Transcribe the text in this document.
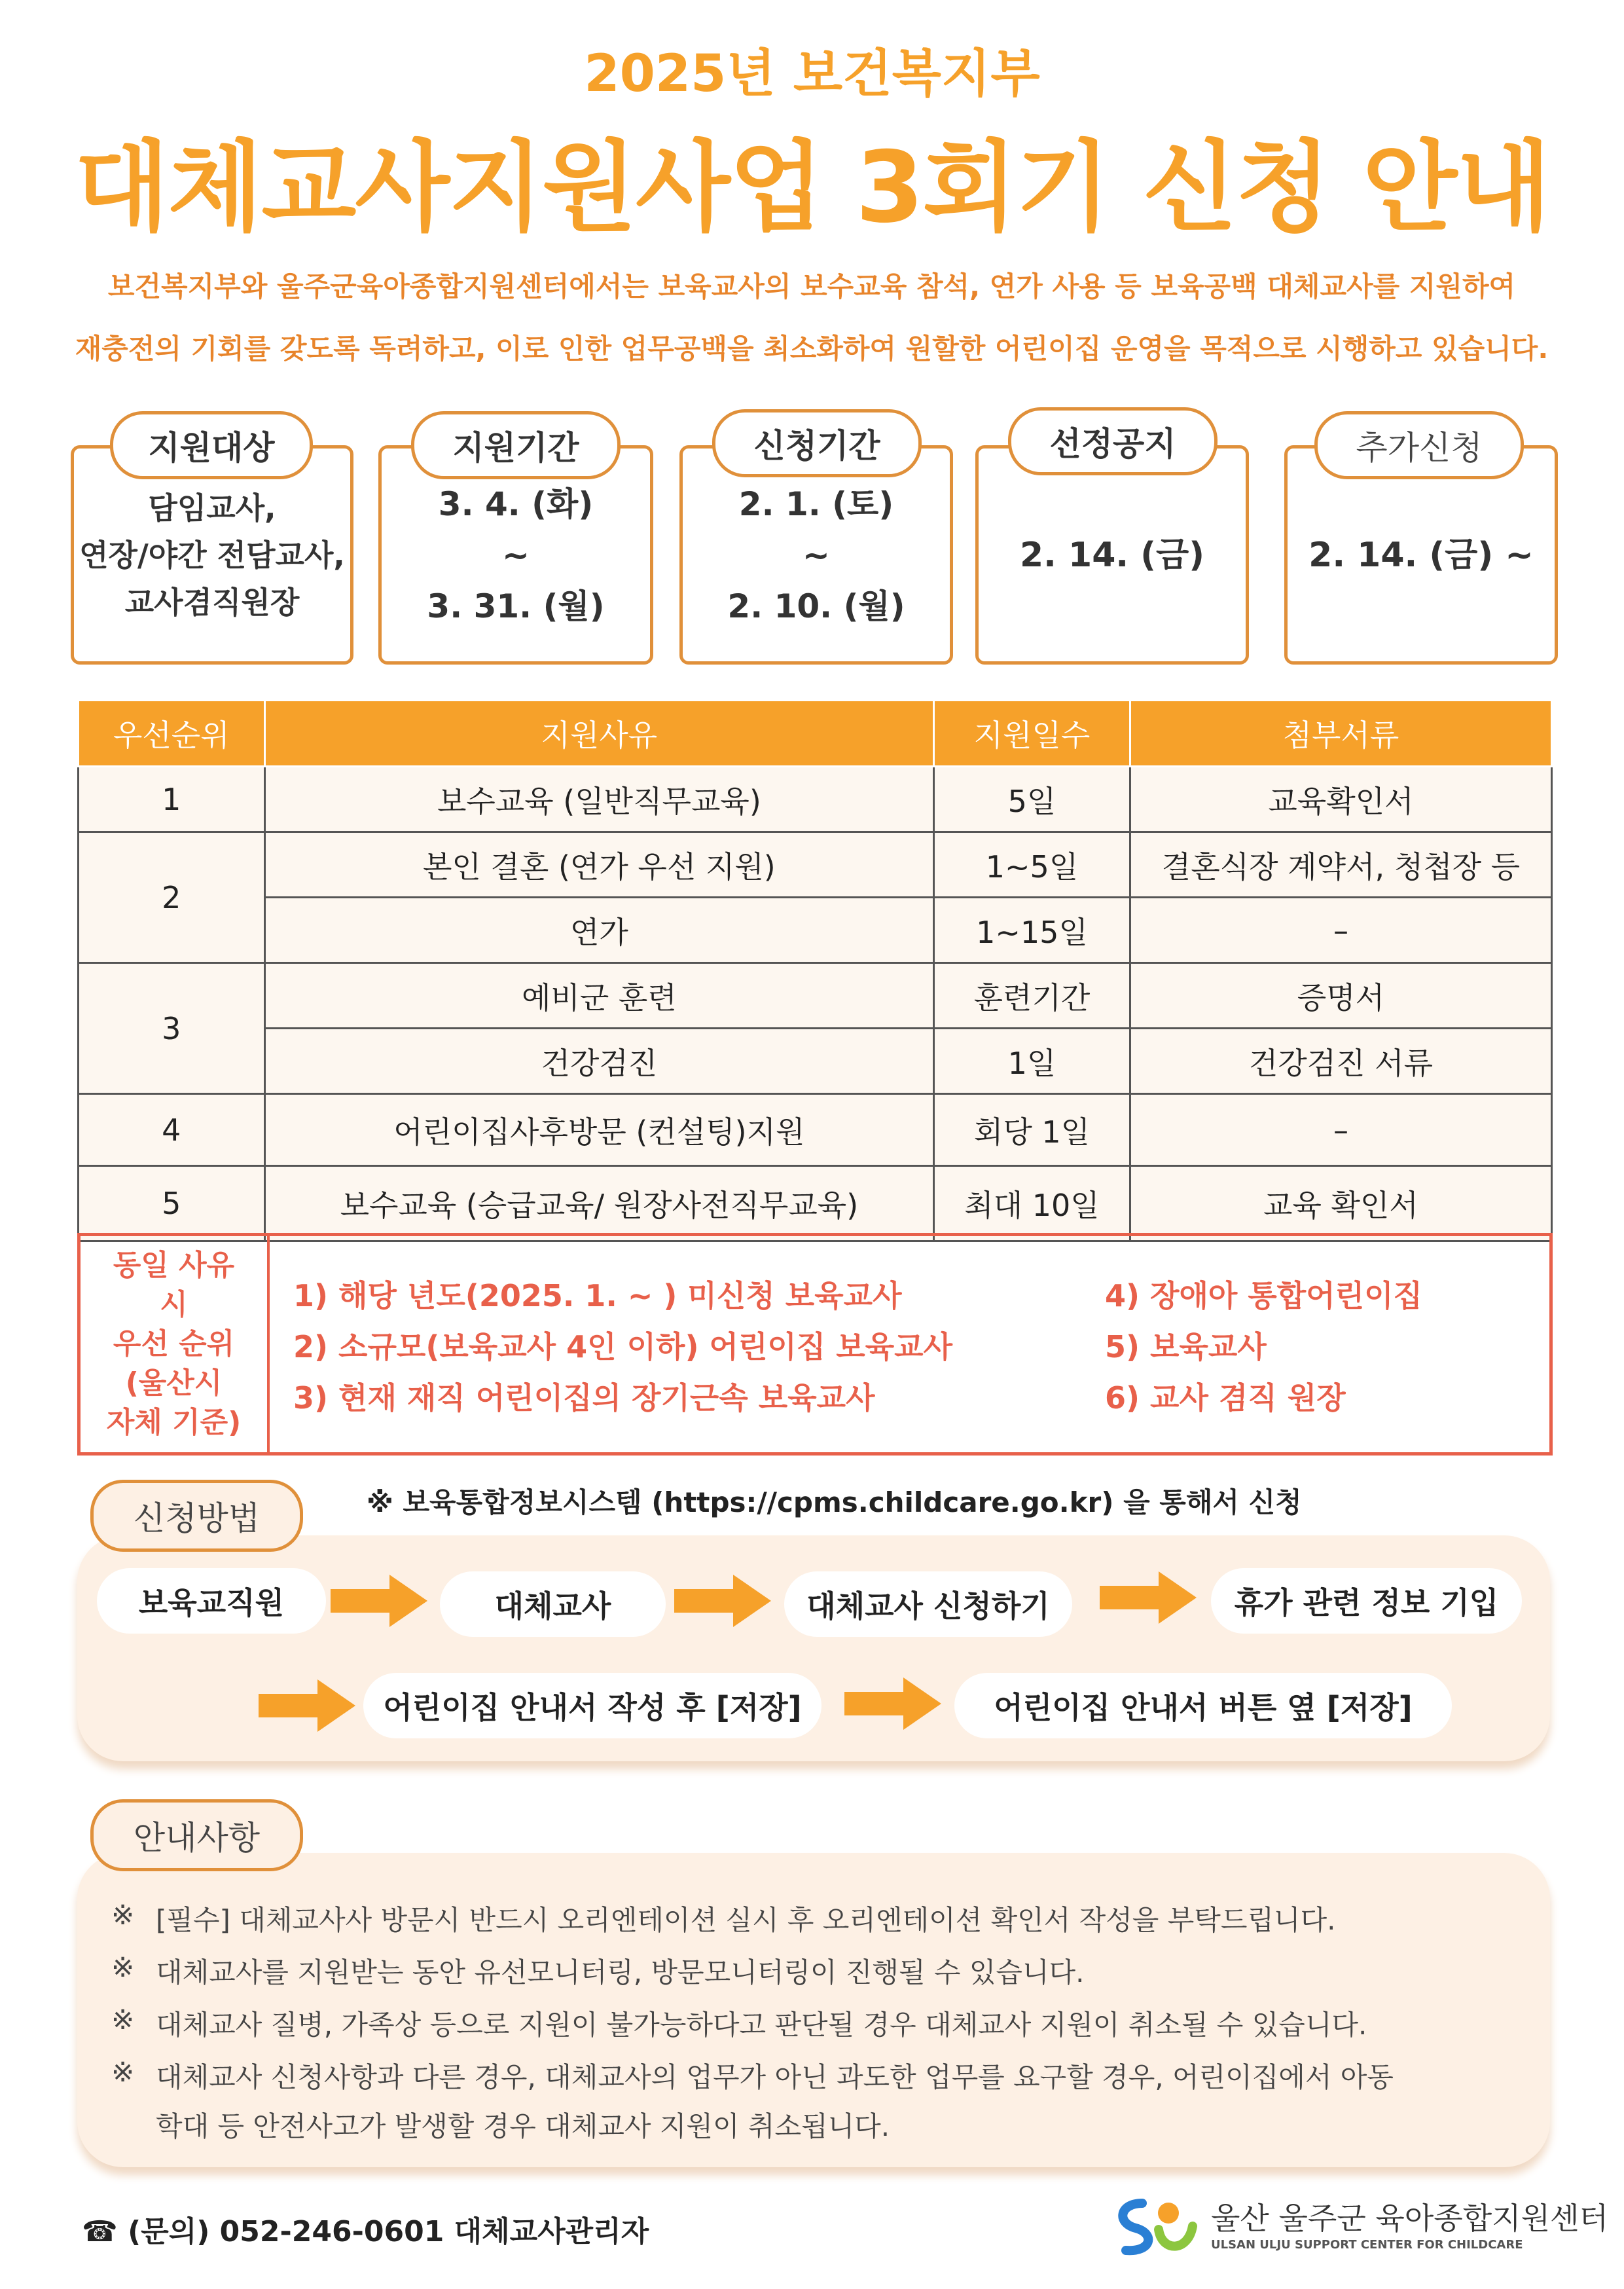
2025년 보건복지부
대체교사지원사업 3회기 신청 안내
보건복지부와 울주군육아종합지원센터에서는 보육교사의 보수교육 참석, 연가 사용 등 보육공백 대체교사를 지원하여
재충전의 기회를 갖도록 독려하고, 이로 인한 업무공백을 최소화하여 원할한 어린이집 운영을 목적으로 시행하고 있습니다.
담임교사,
연장/야간 전담교사,
교사겸직원장
지원대상
3. 4. (화)
~
3. 31. (월)
지원기간
2. 1. (토)
~
2. 10. (월)
신청기간
2. 14. (금)
선정공지
2. 14. (금) ~
추가신청
우선순위	지원사유	지원일수	첨부서류
1	보수교육 (일반직무교육)	5일	교육확인서
2	본인 결혼 (연가 우선 지원)	1~5일	결혼식장 계약서, 청첩장 등
	연가	1~15일	–
3	예비군 훈련	훈련기간	증명서
	건강검진	1일	건강검진 서류
4	어린이집사후방문 (컨설팅)지원	회당 1일	–
5	보수교육 (승급교육/ 원장사전직무교육)	최대 10일	교육 확인서
동일 사유
시
우선 순위
(울산시
자체 기준)
1) 해당 년도(2025. 1. ~ ) 미신청 보육교사
2) 소규모(보육교사 4인 이하) 어린이집 보육교사
3) 현재 재직 어린이집의 장기근속 보육교사
4) 장애아 통합어린이집
5) 보육교사
6) 교사 겸직 원장
신청방법	※ 보육통합정보시스템 (https://cpms.childcare.go.kr) 을 통해서 신청
보육교직원	대체교사	대체교사 신청하기	휴가 관련 정보 기입
어린이집 안내서 작성 후 [저장]	어린이집 안내서 버튼 옆 [저장]
안내사항
※ [필수] 대체교사사 방문시 반드시 오리엔테이션 실시 후 오리엔테이션 확인서 작성을 부탁드립니다.
※ 대체교사를 지원받는 동안 유선모니터링, 방문모니터링이 진행될 수 있습니다.
※ 대체교사 질병, 가족상 등으로 지원이 불가능하다고 판단될 경우 대체교사 지원이 취소될 수 있습니다.
※ 대체교사 신청사항과 다른 경우, 대체교사의 업무가 아닌 과도한 업무를 요구할 경우, 어린이집에서 아동
학대 등 안전사고가 발생할 경우 대체교사 지원이 취소됩니다.
☎ (문의) 052-246-0601 대체교사관리자	울산 울주군 육아종합지원센터
ULSAN ULJU SUPPORT CENTER FOR CHILDCARE
